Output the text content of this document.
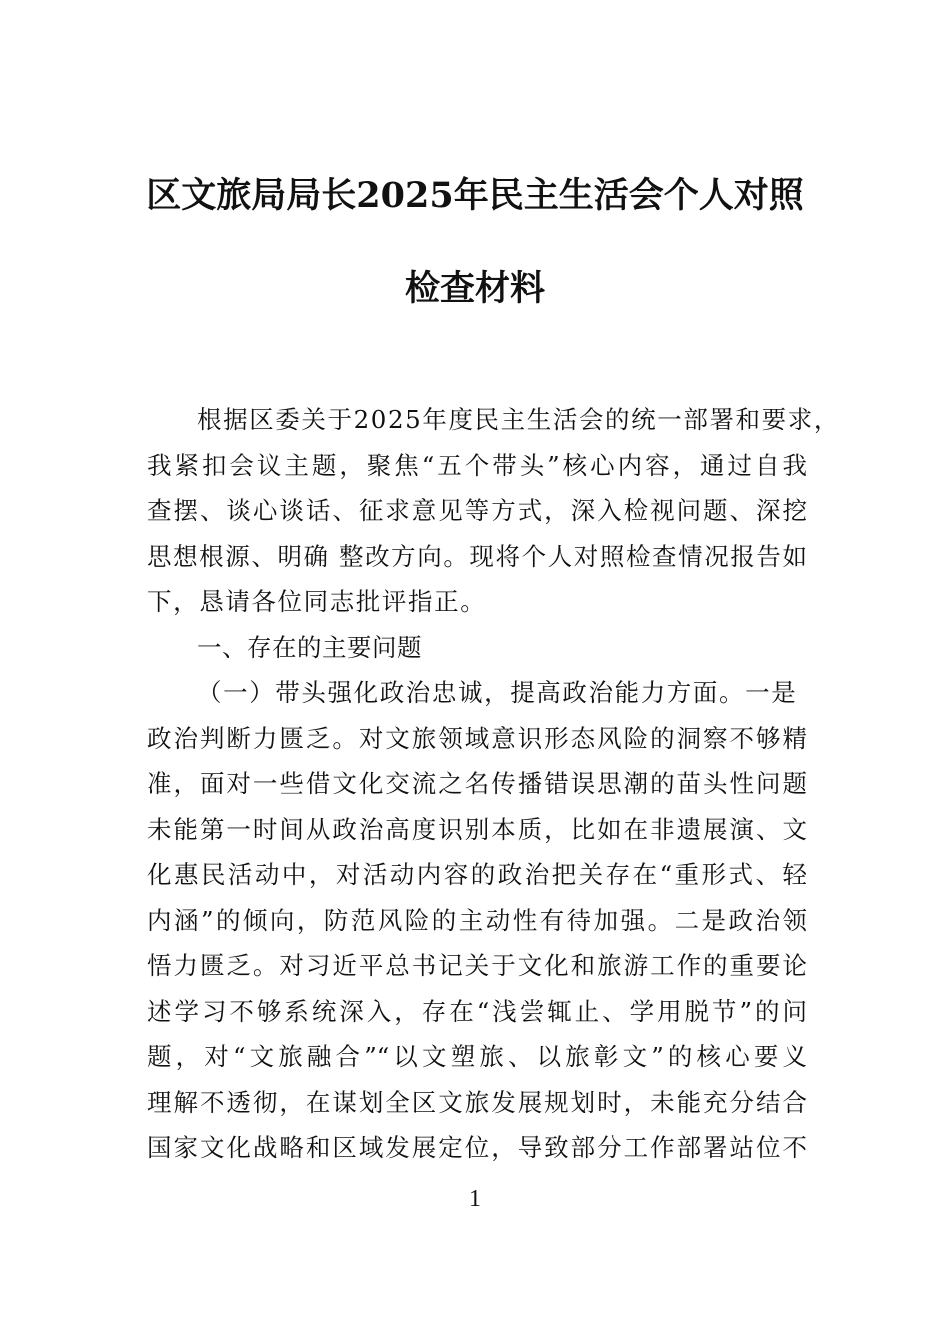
区文旅局局长2025年民主生活会个人对照
检查材料
根据区委关于2025年度民主生活会的统一部署和要求，
我紧扣会议主题，聚焦“五个带头”核心内容，通过自我
查摆、谈心谈话、征求意见等方式，深入检视问题、深挖
思想根源、明确 整改方向。现将个人对照检查情况报告如
下，恳请各位同志批评指正。
一、存在的主要问题
（一）带头强化政治忠诚，提高政治能力方面。一是
政治判断力匮乏。对文旅领域意识形态风险的洞察不够精
准，面对一些借文化交流之名传播错误思潮的苗头性问题
未能第一时间从政治高度识别本质，比如在非遗展演、文
化惠民活动中，对活动内容的政治把关存在“重形式、轻
内涵”的倾向，防范风险的主动性有待加强。二是政治领
悟力匮乏。对习近平总书记关于文化和旅游工作的重要论
述学习不够系统深入，存在“浅尝辄止、学用脱节”的问
题，对“文旅融合”“以文塑旅、以旅彰文”的核心要义
理解不透彻，在谋划全区文旅发展规划时，未能充分结合
国家文化战略和区域发展定位，导致部分工作部署站位不
1
